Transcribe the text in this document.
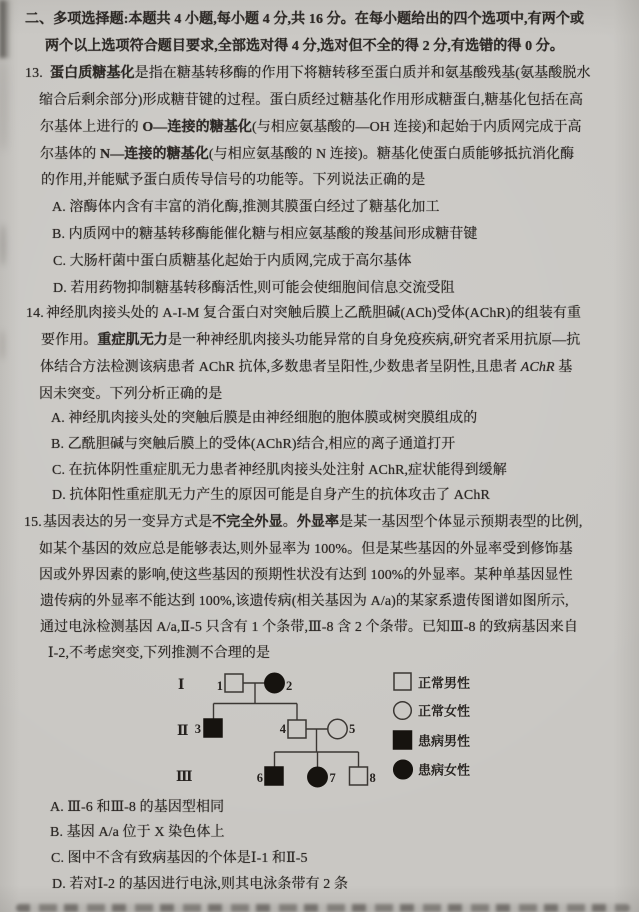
二、多项选择题:本题共 4 小题,每小题 4 分,共 16 分。在每小题给出的四个选项中,有两个或
两个以上选项符合题目要求,全部选对得 4 分,选对但不全的得 2 分,有选错的得 0 分。
13. 蛋白质糖基化是指在糖基转移酶的作用下将糖转移至蛋白质并和氨基酸残基(氨基酸脱水
缩合后剩余部分)形成糖苷键的过程。蛋白质经过糖基化作用形成糖蛋白,糖基化包括在高
尔基体上进行的 O—连接的糖基化(与相应氨基酸的—OH 连接)和起始于内质网完成于高
尔基体的 N—连接的糖基化(与相应氨基酸的 N 连接)。糖基化使蛋白质能够抵抗消化酶
的作用,并能赋予蛋白质传导信号的功能等。下列说法正确的是
A. 溶酶体内含有丰富的消化酶,推测其膜蛋白经过了糖基化加工
B. 内质网中的糖基转移酶能催化糖与相应氨基酸的羧基间形成糖苷键
C. 大肠杆菌中蛋白质糖基化起始于内质网,完成于高尔基体
D. 若用药物抑制糖基转移酶活性,则可能会使细胞间信息交流受阻
14. 神经肌肉接头处的 A-I-M 复合蛋白对突触后膜上乙酰胆碱(ACh)受体(AChR)的组装有重
要作用。重症肌无力是一种神经肌肉接头功能异常的自身免疫疾病,研究者采用抗原—抗
体结合方法检测该病患者 AChR 抗体,多数患者呈阳性,少数患者呈阴性,且患者 AChR 基
因未突变。下列分析正确的是
A. 神经肌肉接头处的突触后膜是由神经细胞的胞体膜或树突膜组成的
B. 乙酰胆碱与突触后膜上的受体(AChR)结合,相应的离子通道打开
C. 在抗体阴性重症肌无力患者神经肌肉接头处注射 AChR,症状能得到缓解
D. 抗体阳性重症肌无力产生的原因可能是自身产生的抗体攻击了 AChR
15. 基因表达的另一变异方式是不完全外显。外显率是某一基因型个体显示预期表型的比例,
如某个基因的效应总是能够表达,则外显率为 100%。但是某些基因的外显率受到修饰基
因或外界因素的影响,使这些基因的预期性状没有达到 100%的外显率。某种单基因显性
遗传病的外显率不能达到 100%,该遗传病(相关基因为 A/a)的某家系遗传图谱如图所示,
通过电泳检测基因 A/a,Ⅱ-5 只含有 1 个条带,Ⅲ-8 含 2 个条带。已知Ⅲ-8 的致病基因来自
Ⅰ-2,不考虑突变,下列推测不合理的是
Ⅰ
Ⅱ
Ⅲ
1	2
3	4	5
6	7	8
正常男性
正常女性
患病男性
患病女性
A. Ⅲ-6 和Ⅲ-8 的基因型相同
B. 基因 A/a 位于 X 染色体上
C. 图中不含有致病基因的个体是Ⅰ-1 和Ⅱ-5
D. 若对Ⅰ-2 的基因进行电泳,则其电泳条带有 2 条
